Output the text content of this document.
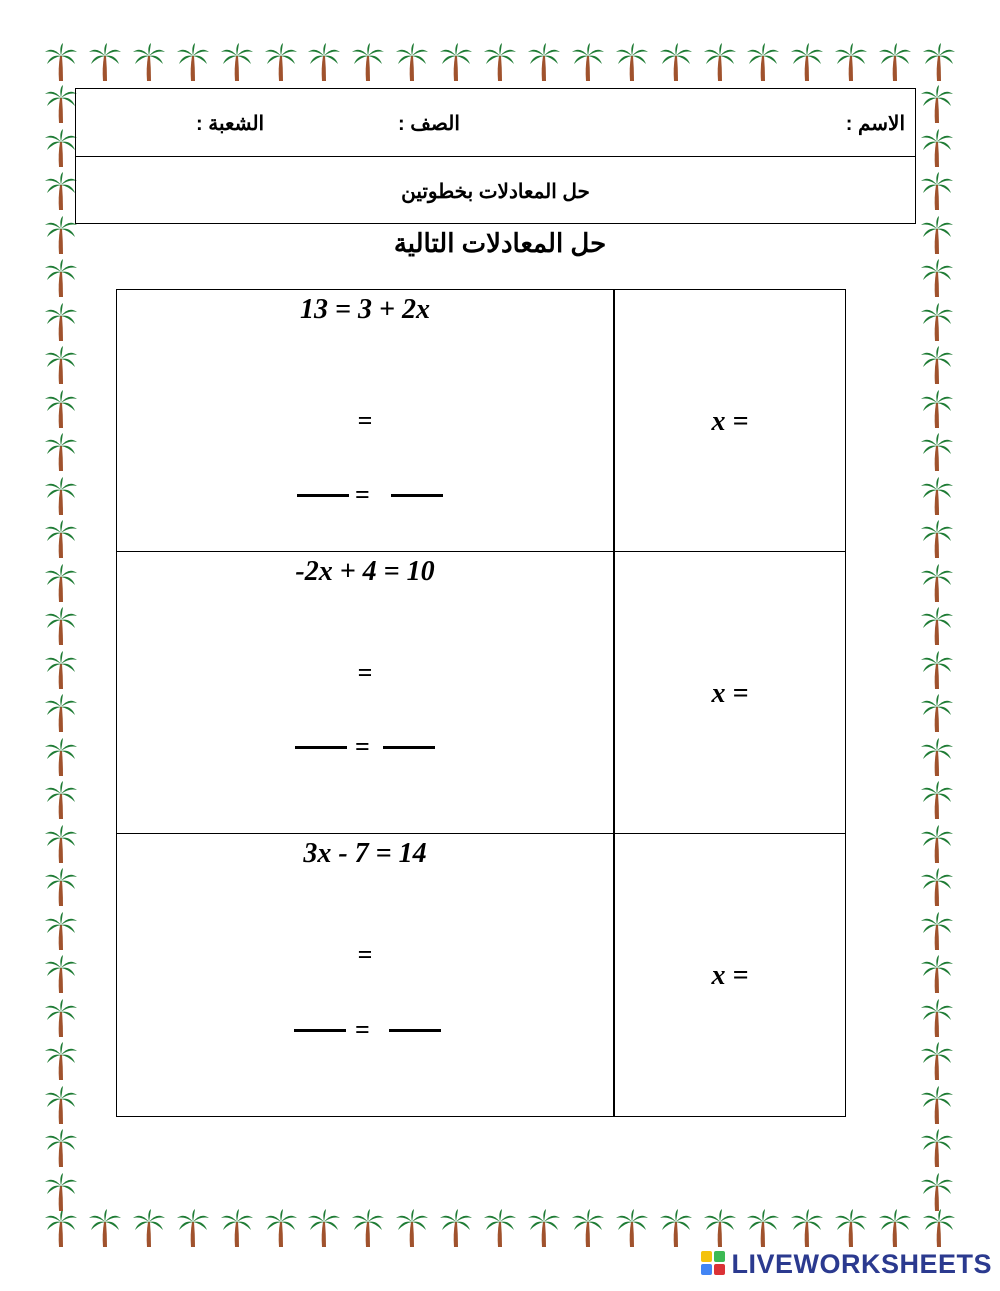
الاسم :
الصف :
الشعبة :
حل المعادلات بخطوتين
حل المعادلات التالية
13 = 3 + 2x
=
=
x =
-2x + 4 = 10
=
=
x =
3x - 7 = 14
=
=
x =
LIVEWORKSHEETS
